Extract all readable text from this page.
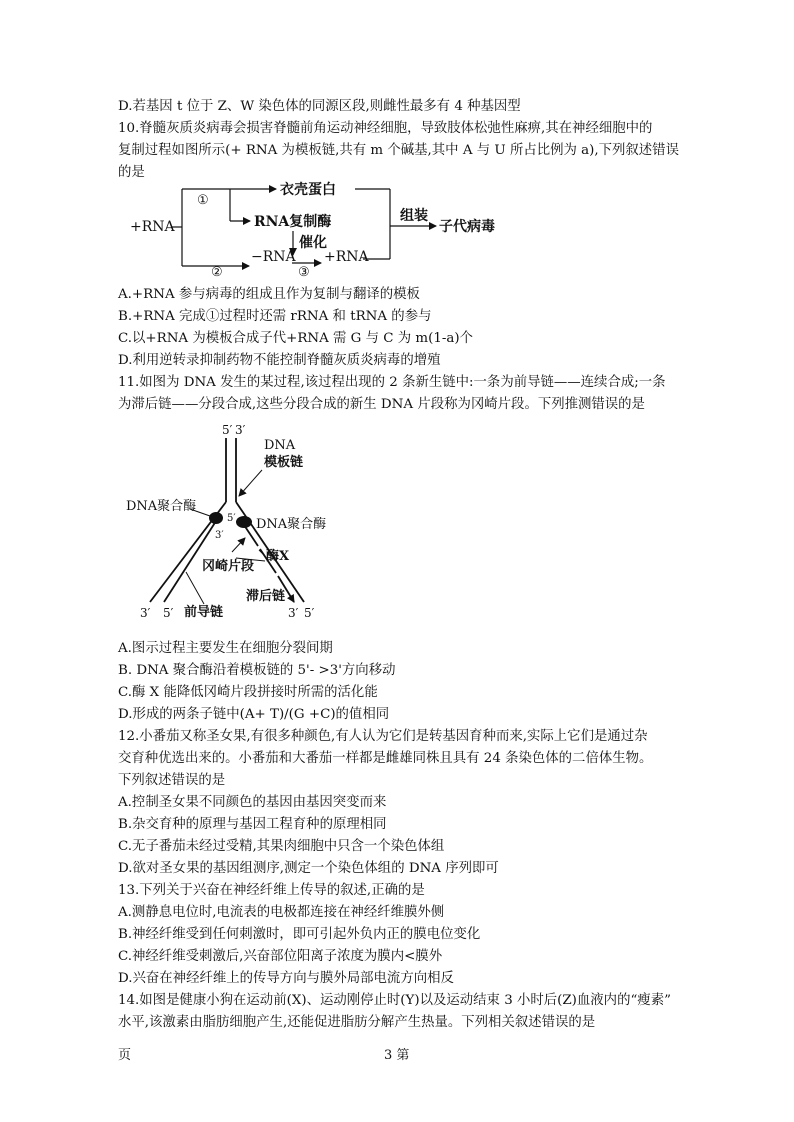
D.若基因 t 位于 Z、W 染色体的同源区段,则雌性最多有 4 种基因型

10.脊髓灰质炎病毒会损害脊髓前角运动神经细胞，导致肢体松弛性麻痹,其在神经细胞中的

复制过程如图所示(+ RNA 为模板链,共有 m 个碱基,其中 A 与 U 所占比例为 a),下列叙述错误

的是

+RNA
①
衣壳蛋白
RNA复制酶
催化
②
−RNA
③
+RNA
组装
子代病毒

A.+RNA 参与病毒的组成且作为复制与翻译的模板

B.+RNA 完成①过程时还需 rRNA 和 tRNA 的参与

C.以+RNA 为模板合成子代+RNA 需 G 与 C 为 m(1-a)个

D.利用逆转录抑制药物不能控制脊髓灰质炎病毒的增殖

11.如图为 DNA 发生的某过程,该过程出现的 2 条新生链中:一条为前导链——连续合成;一条

为滞后链——分段合成,这些分段合成的新生 DNA 片段称为冈崎片段。下列推测错误的是

5′ 3′
DNA
模板链
DNA聚合酶
DNA聚合酶
3′
5′
酶X
冈崎片段
前导链
滞后链
3′ 5′	3′ 5′

A.图示过程主要发生在细胞分裂间期

B. DNA 聚合酶沿着模板链的 5'- >3'方向移动

C.酶 X 能降低冈崎片段拼接时所需的活化能

D.形成的两条子链中(A+ T)/(G +C)的值相同

12.小番茄又称圣女果,有很多种颜色,有人认为它们是转基因育种而来,实际上它们是通过杂

交育种优选出来的。小番茄和大番茄一样都是雌雄同株且具有 24 条染色体的二倍体生物。

下列叙述错误的是

A.控制圣女果不同颜色的基因由基因突变而来

B.杂交育种的原理与基因工程育种的原理相同

C.无子番茄未经过受精,其果肉细胞中只含一个染色体组

D.欲对圣女果的基因组测序,测定一个染色体组的 DNA 序列即可

13.下列关于兴奋在神经纤维上传导的叙述,正确的是

A.测静息电位时,电流表的电极都连接在神经纤维膜外侧

B.神经纤维受到任何刺激时，即可引起外负内正的膜电位变化

C.神经纤维受刺激后,兴奋部位阳离子浓度为膜内<膜外

D.兴奋在神经纤维上的传导方向与膜外局部电流方向相反

14.如图是健康小狗在运动前(X)、运动刚停止时(Y)以及运动结束 3 小时后(Z)血液内的“瘦素”

水平,该激素由脂肪细胞产生,还能促进脂肪分解产生热量。下列相关叙述错误的是

页	3 第
